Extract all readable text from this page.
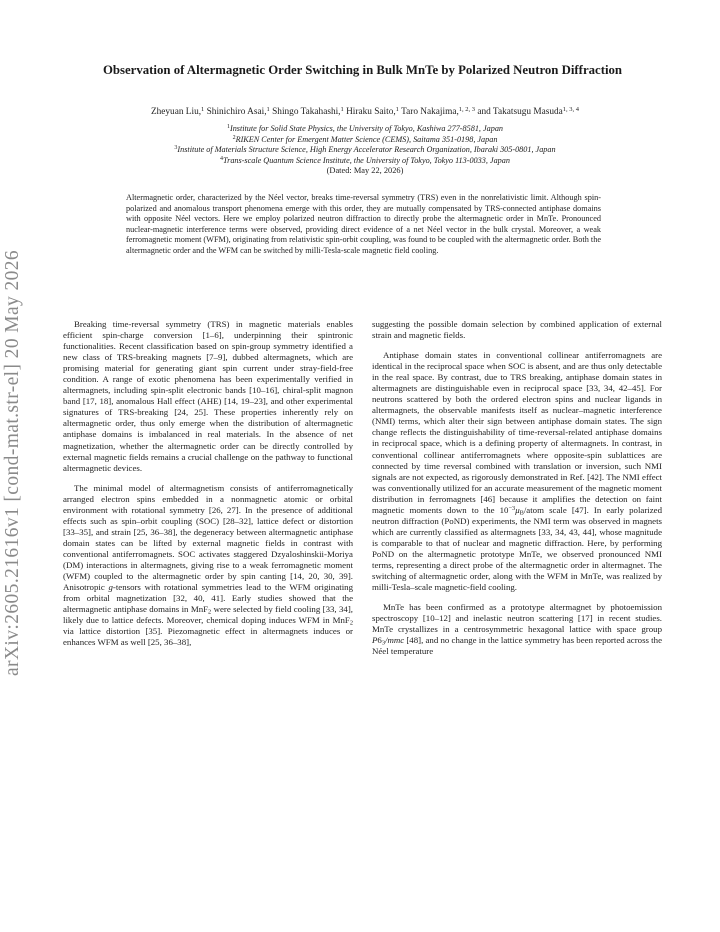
arXiv:2605.21616v1 [cond-mat.str-el] 20 May 2026
Observation of Altermagnetic Order Switching in Bulk MnTe by Polarized Neutron Diffraction
Zheyuan Liu,$^1$ Shinichiro Asai,$^1$ Shingo Takahashi,$^1$ Hiraku Saito,$^1$ Taro Nakajima,$^{1, 2, 3}$ and Takatsugu Masuda$^{1, 3, 4}$
$^1$Institute for Solid State Physics, the University of Tokyo, Kashiwa 277-8581, Japan
$^2$RIKEN Center for Emergent Matter Science (CEMS), Saitama 351-0198, Japan
$^3$Institute of Materials Structure Science, High Energy Accelerator Research Organization, Ibaraki 305-0801, Japan
$^4$Trans-scale Quantum Science Institute, the University of Tokyo, Tokyo 113-0033, Japan
(Dated: May 22, 2026)
Altermagnetic order, characterized by the Néel vector, breaks time-reversal symmetry (TRS) even in the nonrelativistic limit. Although spin-polarized and anomalous transport phenomena emerge with this order, they are mutually compensated by TRS-connected antiphase domains with opposite Néel vectors. Here we employ polarized neutron diffraction to directly probe the altermagnetic order in MnTe. Pronounced nuclear-magnetic interference terms were observed, providing direct evidence of a net Néel vector in the bulk crystal. Moreover, a weak ferromagnetic moment (WFM), originating from relativistic spin-orbit coupling, was found to be coupled with the altermagnetic order. Both the altermagnetic order and the WFM can be switched by milli-Tesla-scale magnetic field cooling.

Breaking time-reversal symmetry (TRS) in magnetic materials enables efficient spin-charge conversion [1–6], underpinning their spintronic functionalities. Recent classification based on spin-group symmetry identified a new class of TRS-breaking magnets [7–9], dubbed altermagnets, which are promising material for generating giant spin current under stray-field-free condition. A range of exotic phenomena has been experimentally verified in altermagnets, including spin-split electronic bands [10–16], chiral-split magnon band [17, 18], anomalous Hall effect (AHE) [14, 19–23], and other experimental signatures of TRS-breaking [24, 25]. These properties inherently rely on altermagnetic order, thus only emerge when the distribution of altermagnetic antiphase domains is imbalanced in real materials. In the absence of net magnetization, whether the altermagnetic order can be directly controlled by external magnetic fields remains a crucial challenge on the pathway to functional altermagnetic devices.

The minimal model of altermagnetism consists of antiferromagnetically arranged electron spins embedded in a nonmagnetic atomic or orbital environment with rotational symmetry [26, 27]. In the presence of additional effects such as spin–orbit coupling (SOC) [28–32], lattice defect or distortion [33–35], and strain [25, 36–38], the degeneracy between altermagnetic antiphase domain states can be lifted by external magnetic fields in contrast with conventional antiferromagnets. SOC activates staggered Dzyaloshinskii-Moriya (DM) interactions in altermagnets, giving rise to a weak ferromagnetic moment (WFM) coupled to the altermagnetic order by spin canting [14, 20, 30, 39]. Anisotropic g-tensors with rotational symmetries lead to the WFM originating from orbital magnetization [32, 40, 41]. Early studies showed that the altermagnetic antiphase domains in MnF$_2$ were selected by field cooling [33, 34], likely due to lattice defects. Moreover, chemical doping induces WFM in MnF$_2$ via lattice distortion [35]. Piezomagnetic effect in altermagnets induces or enhances WFM as well [25, 36–38],

suggesting the possible domain selection by combined application of external strain and magnetic fields.

Antiphase domain states in conventional collinear antiferromagnets are identical in the reciprocal space when SOC is absent, and are thus only detectable in the real space. By contrast, due to TRS breaking, antiphase domain states in altermagnets are distinguishable even in reciprocal space [33, 34, 42–45]. For neutrons scattered by both the ordered electron spins and nuclear ligands in altermagnets, the observable manifests itself as nuclear–magnetic interference (NMI) terms, which alter their sign between antiphase domain states. The sign change reflects the distinguishability of time-reversal-related antiphase domains in reciprocal space, which is a defining property of altermagnets. In contrast, in conventional collinear antiferromagnets where opposite-spin sublattices are connected by time reversal combined with translation or inversion, such NMI signals are not expected, as rigorously demonstrated in Ref. [42]. The NMI effect was conventionally utilized for an accurate measurement of the magnetic moment distribution in ferromagnets [46] because it amplifies the detection on faint magnetic moments down to the $10^{-3}\mu_B$/atom scale [47]. In early polarized neutron diffraction (PoND) experiments, the NMI term was observed in magnets which are currently classified as altermagnets [33, 34, 43, 44], whose magnitude is comparable to that of nuclear and magnetic diffraction. Here, by performing PoND on the altermagnetic prototype MnTe, we observed pronounced NMI terms, representing a direct probe of the altermagnetic order in altermagnet. The switching of altermagnetic order, along with the WFM in MnTe, was realized by milli-Tesla–scale magnetic-field cooling.

MnTe has been confirmed as a prototype altermagnet by photoemission spectroscopy [10–12] and inelastic neutron scattering [17] in recent studies. MnTe crystallizes in a centrosymmetric hexagonal lattice with space group $P6_3$/mmc [48], and no change in the lattice symmetry has been reported across the Néel temperature
